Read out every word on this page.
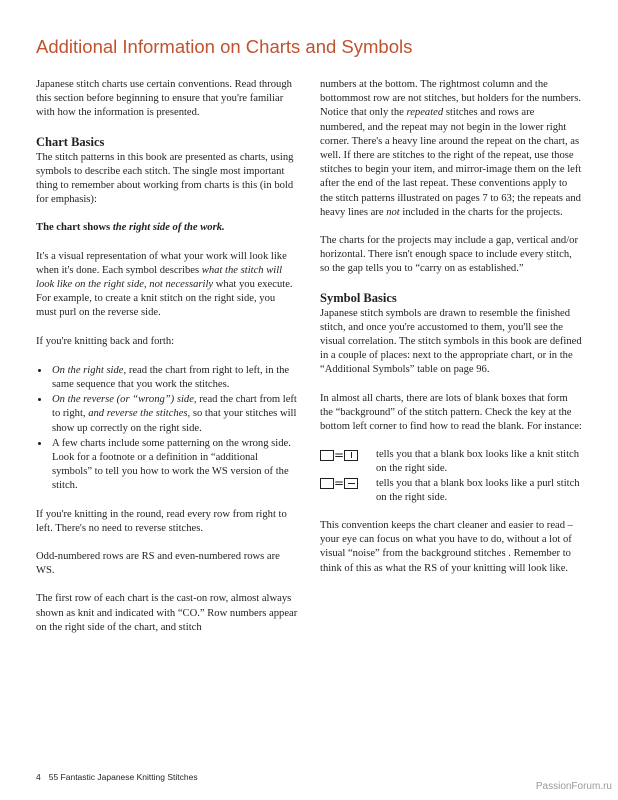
Additional Information on Charts and Symbols

Japanese stitch charts use certain conventions. Read through this section before beginning to ensure that you're familiar with how the information is presented.

Chart Basics

The stitch patterns in this book are presented as charts, using symbols to describe each stitch. The single most important thing to remember about working from charts is this (in bold for emphasis):

The chart shows the right side of the work.

It's a visual representation of what your work will look like when it's done. Each symbol describes what the stitch will look like on the right side, not necessarily what you execute. For example, to create a knit stitch on the right side, you must purl on the reverse side.

If you're knitting back and forth:

• On the right side, read the chart from right to left, in the same sequence that you work the stitches.
• On the reverse (or “wrong”) side, read the chart from left to right, and reverse the stitches, so that your stitches will show up correctly on the right side.
• A few charts include some patterning on the wrong side. Look for a footnote or a definition in “additional symbols” to tell you how to work the WS version of the stitch.

If you're knitting in the round, read every row from right to left. There's no need to reverse stitches.

Odd-numbered rows are RS and even-numbered rows are WS.

The first row of each chart is the cast-on row, almost always shown as knit and indicated with “CO.” Row numbers appear on the right side of the chart, and stitch

numbers at the bottom. The rightmost column and the bottommost row are not stitches, but holders for the numbers. Notice that only the repeated stitches and rows are numbered, and the repeat may not begin in the lower right corner. There's a heavy line around the repeat on the chart, as well. If there are stitches to the right of the repeat, use those stitches to begin your item, and mirror-image them on the left after the end of the last repeat. These conventions apply to the stitch patterns illustrated on pages 7 to 63; the repeats and heavy lines are not included in the charts for the projects.

The charts for the projects may include a gap, vertical and/or horizontal. There isn't enough space to include every stitch, so the gap tells you to “carry on as established.”

Symbol Basics

Japanese stitch symbols are drawn to resemble the finished stitch, and once you're accustomed to them, you'll see the visual correlation. The stitch symbols in this book are defined in a couple of places: next to the appropriate chart, or in the “Additional Symbols” table on page 96.

In almost all charts, there are lots of blank boxes that form the “background” of the stitch pattern. Check the key at the bottom left corner to find how to read the blank. For instance:

=	tells you that a blank box looks like a knit stitch on the right side.
=	tells you that a blank box looks like a purl stitch on the right side.

This convention keeps the chart cleaner and easier to read – your eye can focus on what you have to do, without a lot of visual “noise” from the background stitches . Remember to think of this as what the RS of your knitting will look like.

4 55 Fantastic Japanese Knitting Stitches
PassionForum.ru
